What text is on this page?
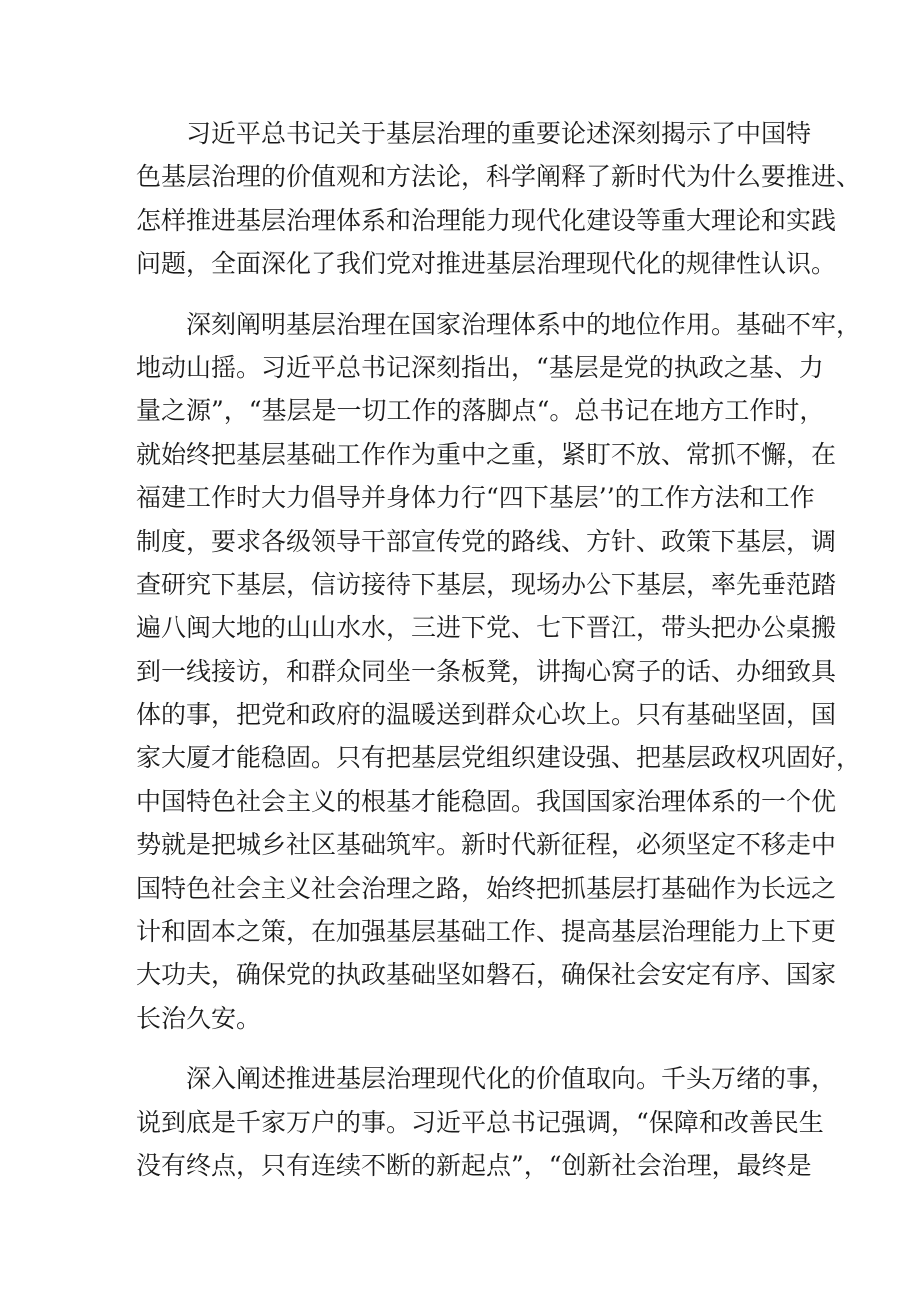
习近平总书记关于基层治理的重要论述深刻揭示了中国特
色基层治理的价值观和方法论，科学阐释了新时代为什么要推进、
怎样推进基层治理体系和治理能力现代化建设等重大理论和实践
问题，全面深化了我们党对推进基层治理现代化的规律性认识。
深刻阐明基层治理在国家治理体系中的地位作用。基础不牢，
地动山摇。习近平总书记深刻指出，“基层是党的执政之基、力
量之源”，“基层是一切工作的落脚点“。总书记在地方工作时，
就始终把基层基础工作作为重中之重，紧盯不放、常抓不懈，在
福建工作时大力倡导并身体力行“四下基层’’的工作方法和工作
制度，要求各级领导干部宣传党的路线、方针、政策下基层，调
查研究下基层，信访接待下基层，现场办公下基层，率先垂范踏
遍八闽大地的山山水水，三进下党、七下晋江，带头把办公桌搬
到一线接访，和群众同坐一条板凳，讲掏心窝子的话、办细致具
体的事，把党和政府的温暖送到群众心坎上。只有基础坚固，国
家大厦才能稳固。只有把基层党组织建设强、把基层政权巩固好，
中国特色社会主义的根基才能稳固。我国国家治理体系的一个优
势就是把城乡社区基础筑牢。新时代新征程，必须坚定不移走中
国特色社会主义社会治理之路，始终把抓基层打基础作为长远之
计和固本之策，在加强基层基础工作、提高基层治理能力上下更
大功夫，确保党的执政基础坚如磐石，确保社会安定有序、国家
长治久安。
深入阐述推进基层治理现代化的价值取向。千头万绪的事，
说到底是千家万户的事。习近平总书记强调，“保障和改善民生
没有终点，只有连续不断的新起点”，“创新社会治理，最终是
